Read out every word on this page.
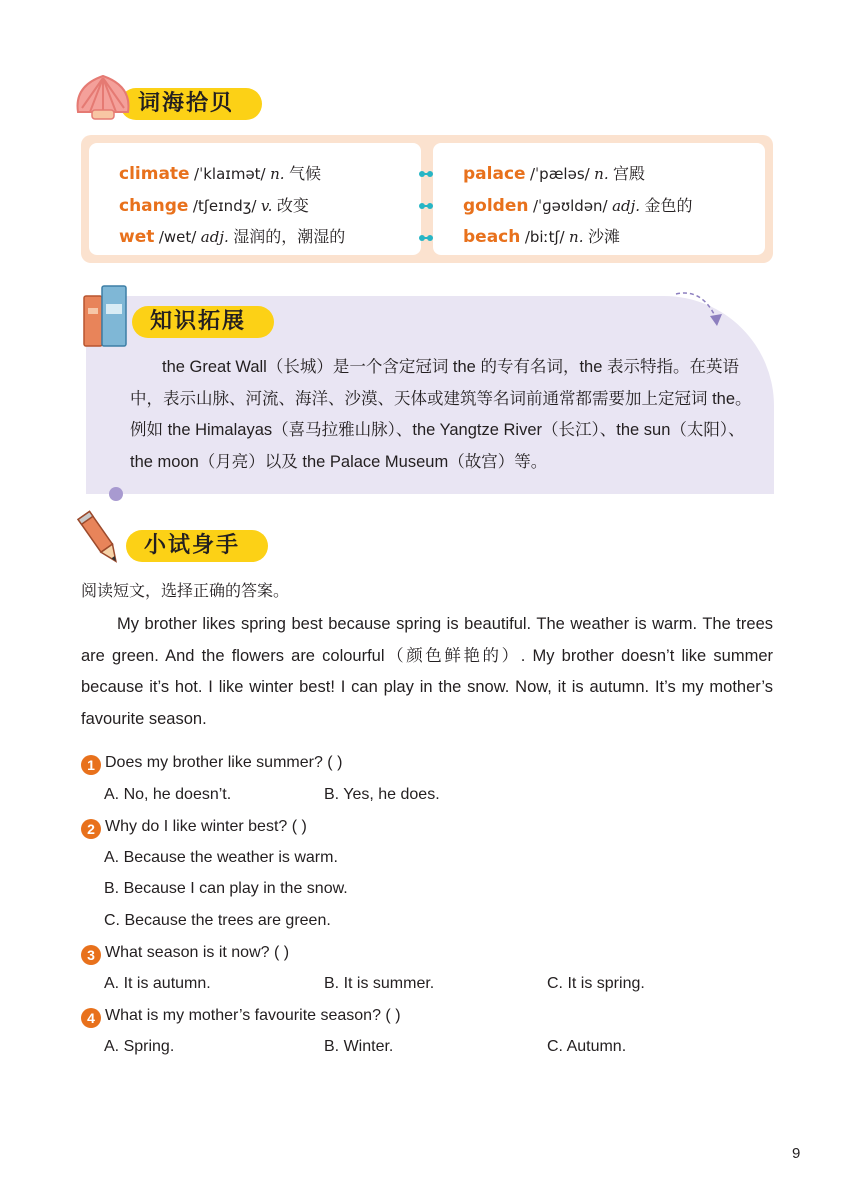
词海拾贝
climate /ˈklaɪmət/ n. 气候
change /tʃeɪndʒ/ v. 改变
wet /wet/ adj. 湿润的，潮湿的
palace /ˈpæləs/ n. 宫殿
golden /ˈɡəʊldən/ adj. 金色的
beach /biːtʃ/ n. 沙滩
知识拓展

the Great Wall（长城）是一个含定冠词 the 的专有名词，the 表示特指。在英语中，表示山脉、河流、海洋、沙漠、天体或建筑等名词前通常都需要加上定冠词 the。例如 the Himalayas（喜马拉雅山脉）、the Yangtze River（长江）、the sun（太阳）、the moon（月亮）以及 the Palace Museum（故宫）等。

小试身手
阅读短文，选择正确的答案。

My brother likes spring best because spring is beautiful. The weather is warm. The trees are green. And the flowers are colourful（颜色鲜艳的）. My brother doesn’t like summer because it’s hot. I like winter best! I can play in the snow. Now, it is autumn. It’s my mother’s favourite season.

1 Does my brother like summer? ( )
A. No, he doesn’t.	B. Yes, he does.
2 Why do I like winter best? ( )
A. Because the weather is warm.
B. Because I can play in the snow.
C. Because the trees are green.
3 What season is it now? ( )
A. It is autumn.	B. It is summer.	C. It is spring.
4 What is my mother’s favourite season? ( )
A. Spring.	B. Winter.	C. Autumn.
9
